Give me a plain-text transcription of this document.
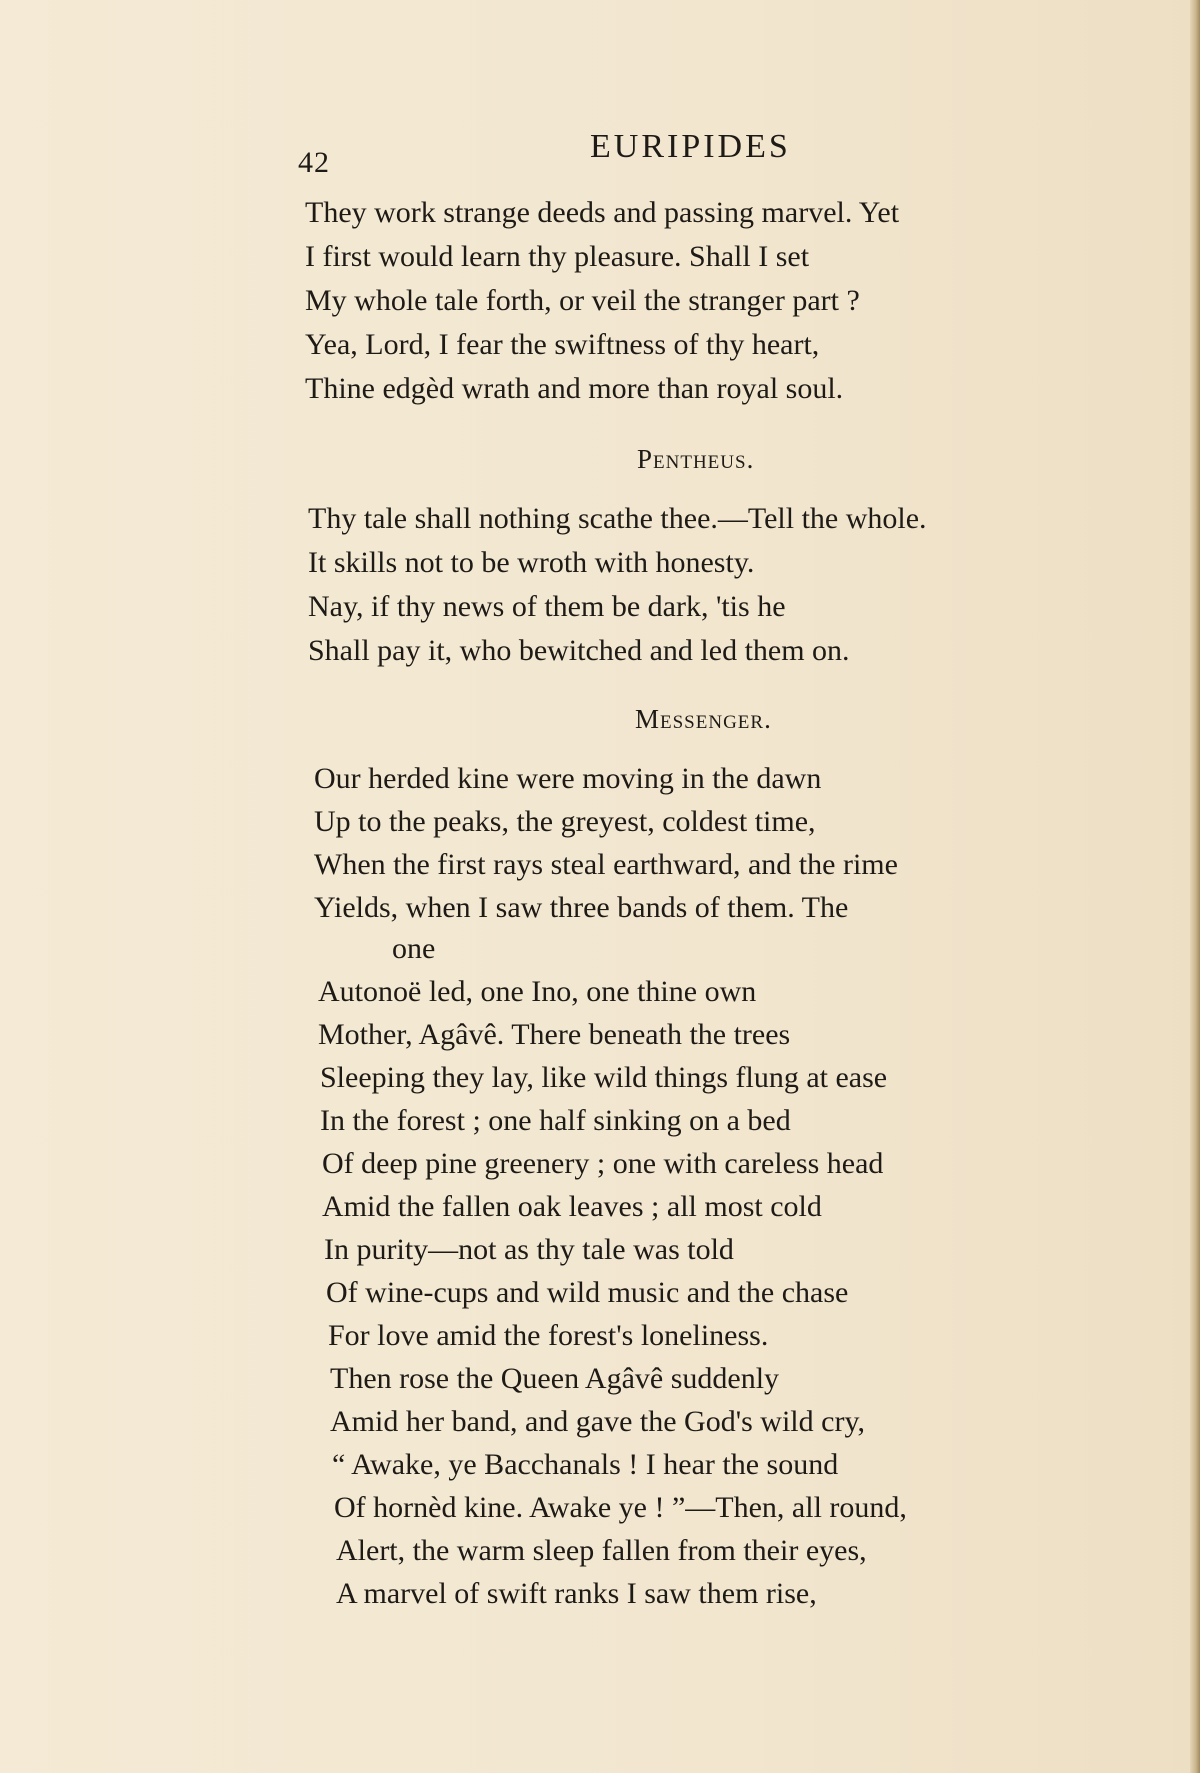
42	EURIPIDES
They work strange deeds and passing marvel. Yet
I first would learn thy pleasure. Shall I set
My whole tale forth, or veil the stranger part ?
Yea, Lord, I fear the swiftness of thy heart,
Thine edgèd wrath and more than royal soul.
Pentheus.
Thy tale shall nothing scathe thee.—Tell the whole.
It skills not to be wroth with honesty.
Nay, if thy news of them be dark, 'tis he
Shall pay it, who bewitched and led them on.
Messenger.
Our herded kine were moving in the dawn
Up to the peaks, the greyest, coldest time,
When the first rays steal earthward, and the rime
Yields, when I saw three bands of them. The
one
Autonoë led, one Ino, one thine own
Mother, Agâvê. There beneath the trees
Sleeping they lay, like wild things flung at ease
In the forest ; one half sinking on a bed
Of deep pine greenery ; one with careless head
Amid the fallen oak leaves ; all most cold
In purity—not as thy tale was told
Of wine-cups and wild music and the chase
For love amid the forest's loneliness.
Then rose the Queen Agâvê suddenly
Amid her band, and gave the God's wild cry,
“ Awake, ye Bacchanals ! I hear the sound
Of hornèd kine. Awake ye ! ”—Then, all round,
Alert, the warm sleep fallen from their eyes,
A marvel of swift ranks I saw them rise,
